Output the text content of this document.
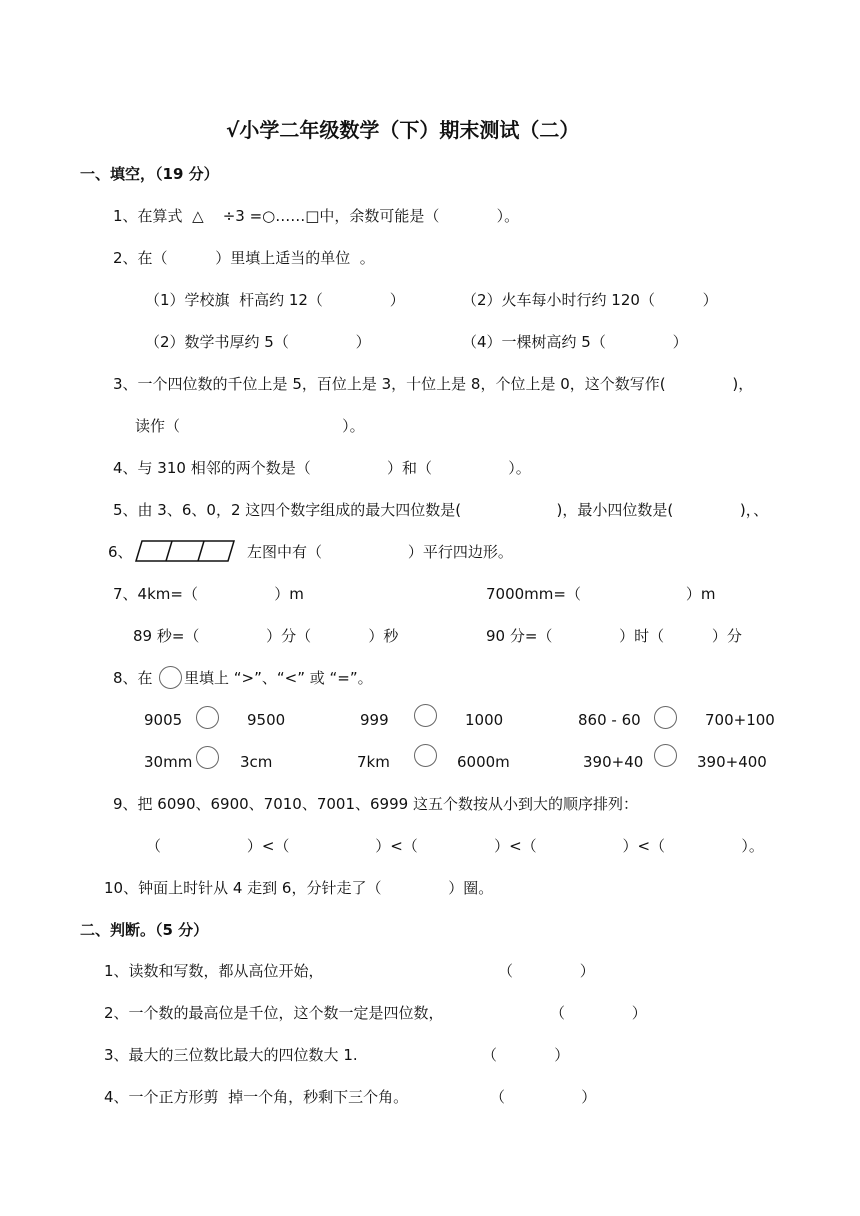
√小学二年级数学（下）期末测试（二）
一、填空，（19 分）
1、在算式  △    ÷3 =○……□中，余数可能是（            ）。
2、在（          ）里填上适当的单位  。
（1）学校旗  杆高约 12（              ）	（2）火车每小时行约 120（          ）
（2）数学书厚约 5（              ）	（4）一棵树高约 5（              ）
3、一个四位数的千位上是 5，百位上是 3，十位上是 8，个位上是 0，这个数写作(              )，
读作（                                  ）。
4、与 310 相邻的两个数是（                ）和（                ）。
5、由 3、6、0，2 这四个数字组成的最大四位数是(                    )，最小四位数是(              )，、
6、	左图中有（                  ）平行四边形。
7、4km=（                ）m	7000mm=（                      ）m
89 秒=（              ）分（            ）秒	90 分=（              ）时（          ）分
8、在 里填上 “>”、“<” 或 “=”。
9005	9500	999	1000	860 - 60	700+100
30mm	3cm	7km	6000m	390+40	390+400
9、把 6090、6900、7010、7001、6999 这五个数按从小到大的顺序排列：
（                  ）<（                  ）<（                ）<（                  ）<（                ）。
10、钟面上时针从 4 走到 6，分针走了（              ）圈。
二、判断。（5 分）
1、读数和写数，都从高位开始，	（              ）
2、一个数的最高位是千位，这个数一定是四位数，	（              ）
3、最大的三位数比最大的四位数大 1.	（            ）
4、一个正方形剪  掉一个角，秒剩下三个角。	（                ）
